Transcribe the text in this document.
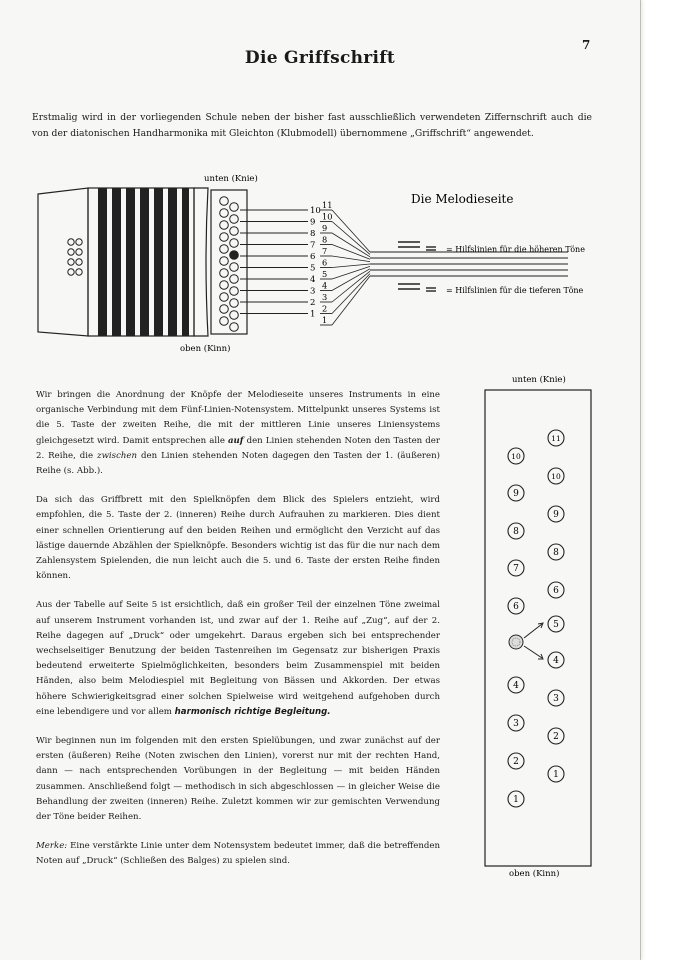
7
Die Griffschrift

Erstmalig wird in der vorliegenden Schule neben der bisher fast ausschließlich verwendeten Ziffernschrift auch die von der diatonischen Handharmonika mit Gleichton (Klubmodell) übernommene „Griffschrift“ angewendet.

unten (Knie)
oben (Kinn)
Die Melodieseite
10
9
8
7
6
5
4
3
2
1
11
10
9
8
7
6
5
4
3
2
1
= Hilfslinien für die höheren Töne
= Hilfslinien für die tieferen Töne

Wir bringen die Anordnung der Knöpfe der Melodieseite unseres Instruments in eine organische Verbindung mit dem Fünf-Linien-Notensystem. Mittelpunkt unseres Systems ist die 5. Taste der zweiten Reihe, die mit der mittleren Linie unseres Liniensystems gleichgesetzt wird. Damit entsprechen alle auf den Linien stehenden Noten den Tasten der 2. Reihe, die zwischen den Linien stehenden Noten dagegen den Tasten der 1. (äußeren) Reihe (s. Abb.).

Da sich das Griffbrett mit den Spielknöpfen dem Blick des Spielers entzieht, wird empfohlen, die 5. Taste der 2. (inneren) Reihe durch Aufrauhen zu markieren. Dies dient einer schnellen Orientierung auf den beiden Reihen und ermöglicht den Verzicht auf das lästige dauernde Abzählen der Spielknöpfe. Besonders wichtig ist das für die nur nach dem Zahlensystem Spielenden, die nun leicht auch die 5. und 6. Taste der ersten Reihe finden können.

Aus der Tabelle auf Seite 5 ist ersichtlich, daß ein großer Teil der einzelnen Töne zweimal auf unserem Instrument vorhanden ist, und zwar auf der 1. Reihe auf „Zug“, auf der 2. Reihe dagegen auf „Druck“ oder umgekehrt. Daraus ergeben sich bei entsprechender wechselseitiger Benutzung der beiden Tastenreihen im Gegensatz zur bisherigen Praxis bedeutend erweiterte Spielmöglichkeiten, besonders beim Zusammenspiel mit beiden Händen, also beim Melodiespiel mit Begleitung von Bässen und Akkorden. Der etwas höhere Schwierigkeitsgrad einer solchen Spielweise wird weitgehend aufgehoben durch eine lebendigere und vor allem harmonisch richtige Begleitung.

Wir beginnen nun im folgenden mit den ersten Spielübungen, und zwar zunächst auf der ersten (äußeren) Reihe (Noten zwischen den Linien), vorerst nur mit der rechten Hand, dann — nach entsprechenden Vorübungen in der Begleitung — mit beiden Händen zusammen. Anschließend folgt — methodisch in sich abgeschlossen — in gleicher Weise die Behandlung der zweiten (inneren) Reihe. Zuletzt kommen wir zur gemischten Verwendung der Töne beider Reihen.

Merke: Eine verstärkte Linie unter dem Notensystem bedeutet immer, daß die betreffenden Noten auf „Druck“ (Schließen des Balges) zu spielen sind.

unten (Knie)
10
9
8
7
6
4
3
2
1
11
10
9
8
6
5
4
3
2
1
oben (Kinn)
